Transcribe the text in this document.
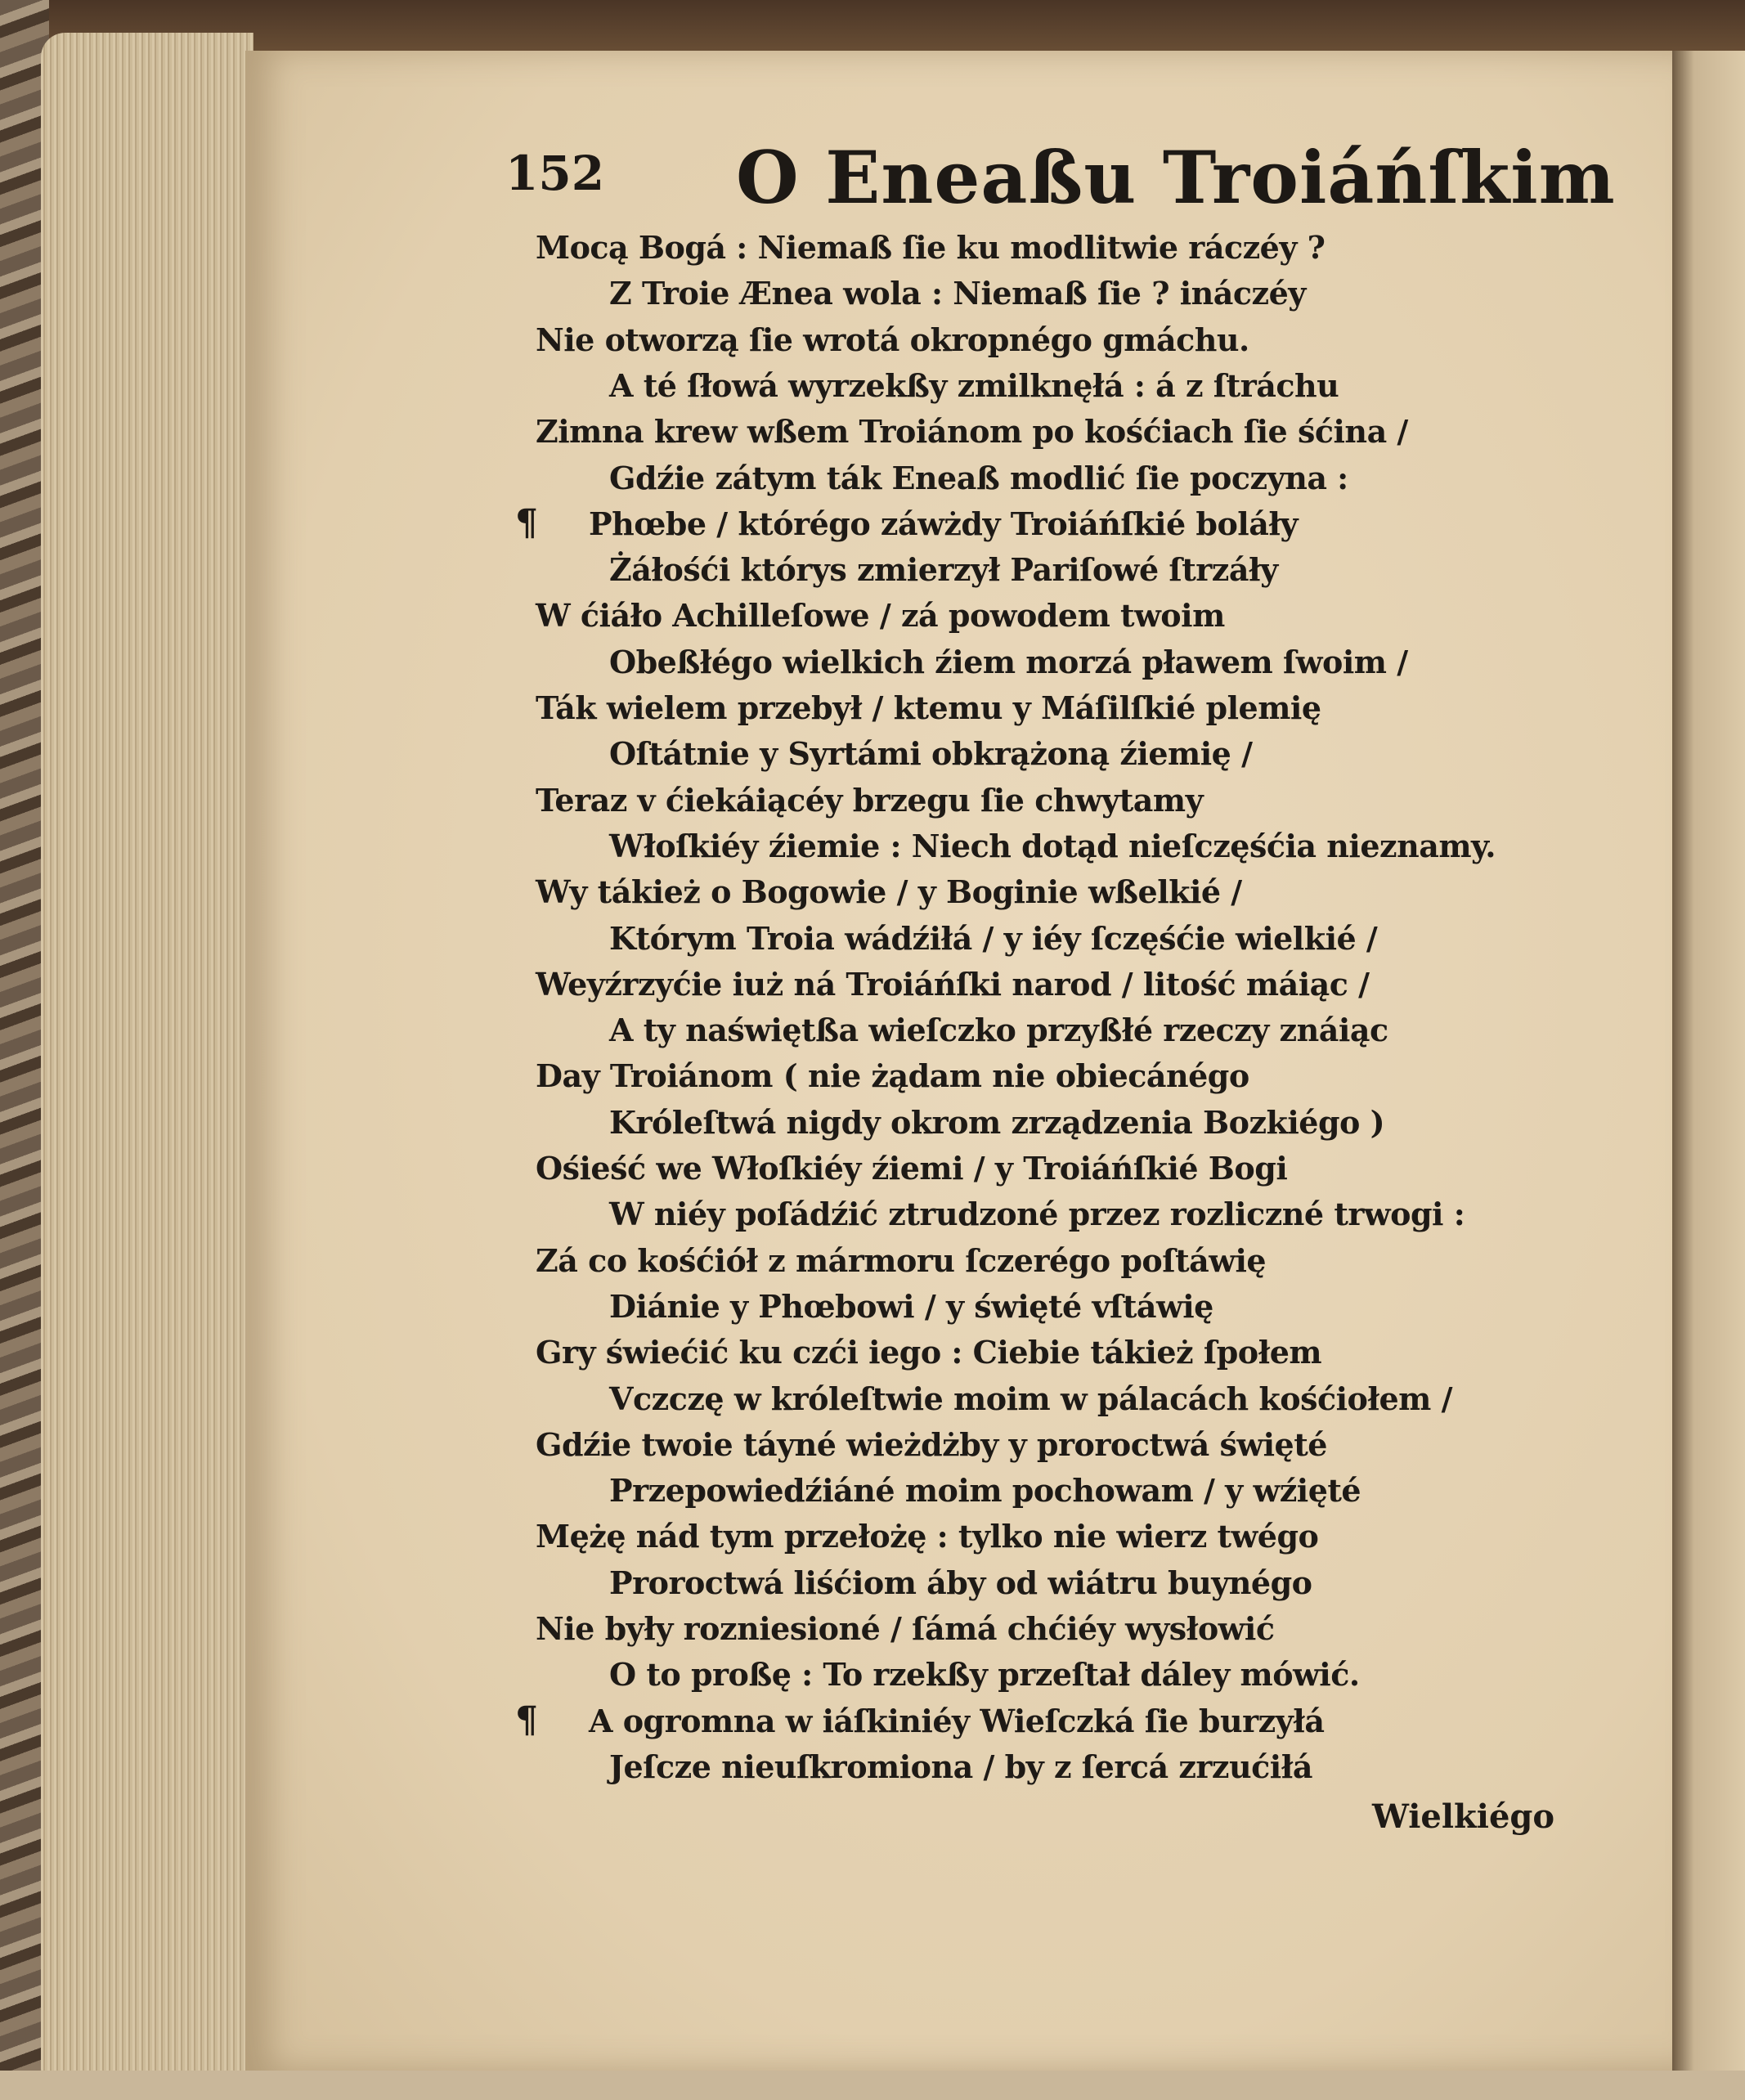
152 O Eneaßu Troiáńſkim
Mocą Bogá : Niemaß ſie ku modlitwie ráczéy ?
Z Troie Ænea wola : Niemaß ſie ? ináczéy
Nie otworzą ſie wrotá okropnégo gmáchu.
A té ſłowá wyrzekßy zmilknęłá : á z ſtráchu
Zimna krew wßem Troiánom po kośćiach ſie śćina /
Gdźie zátym ták Eneaß modlić ſie poczyna :
Phœbe / którégo záwżdy Troiáńſkié boláły
¶
Żáłośći którys zmierzył Pariſowé ſtrzáły
W ćiáło Achilleſowe / zá powodem twoim
Obeßłégo wielkich źiem morzá pławem ſwoim /
Ták wielem przebył / ktemu y Máſilſkié plemię
Oſtátnie y Syrtámi obkrążoną źiemię /
Teraz v ćiekáiącéy brzegu ſie chwytamy
Włoſkiéy źiemie : Niech dotąd nieſczęśćia nieznamy.
Wy tákież o Bogowie / y Boginie wßelkié /
Którym Troia wádźiłá / y iéy ſczęśćie wielkié /
Weyźrzyćie iuż ná Troiáńſki narod / litość máiąc /
A ty naświętßa wieſczko przyßłé rzeczy znáiąc
Day Troiánom ( nie żądam nie obiecánégo
Króleſtwá nigdy okrom zrządzenia Bozkiégo )
Ośieść we Włoſkiéy źiemi / y Troiáńſkié Bogi
W niéy poſádźić ztrudzoné przez rozliczné trwogi :
Zá co kośćiół z mármoru ſczerégo poſtáwię
Diánie y Phœbowi / y święté vſtáwię
Gry świećić ku czći iego : Ciebie tákież ſpołem
Vczczę w króleſtwie moim w pálacách kośćiołem /
Gdźie twoie táyné wieżdżby y proroctwá święté
Przepowiedźiáné moim pochowam / y wźięté
Mężę nád tym przełożę : tylko nie wierz twégo
Proroctwá liśćiom áby od wiátru buynégo
Nie były rozniesioné / ſámá chćiéy wysłowić
O to proßę : To rzekßy przeſtał dáley mówić.
A ogromna w iáſkiniéy Wieſczká ſie burzyłá
¶
Jeſcze nieuſkromiona / by z ſercá zrzućiłá
Wielkiégo
